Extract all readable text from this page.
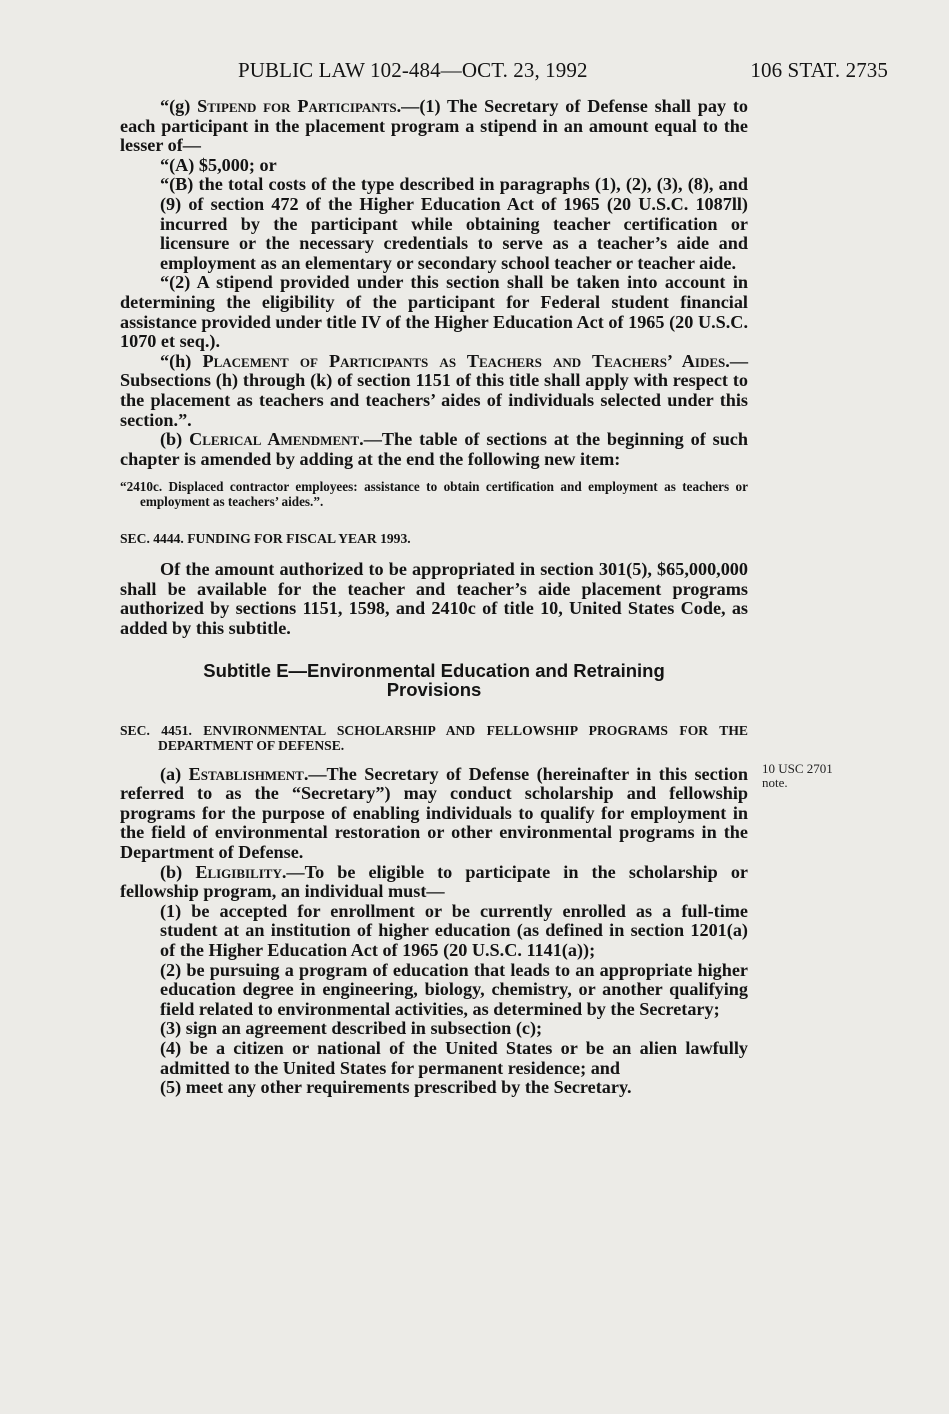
PUBLIC LAW 102-484—OCT. 23, 1992	106 STAT. 2735

“(g) Stipend for Participants.—(1) The Secretary of Defense shall pay to each participant in the placement program a stipend in an amount equal to the lesser of—

“(A) $5,000; or

“(B) the total costs of the type described in paragraphs (1), (2), (3), (8), and (9) of section 472 of the Higher Education Act of 1965 (20 U.S.C. 1087ll) incurred by the participant while obtaining teacher certification or licensure or the necessary credentials to serve as a teacher’s aide and employment as an elementary or secondary school teacher or teacher aide.

“(2) A stipend provided under this section shall be taken into account in determining the eligibility of the participant for Federal student financial assistance provided under title IV of the Higher Education Act of 1965 (20 U.S.C. 1070 et seq.).

“(h) Placement of Participants as Teachers and Teachers’ Aides.—Subsections (h) through (k) of section 1151 of this title shall apply with respect to the placement as teachers and teachers’ aides of individuals selected under this section.”.

(b) Clerical Amendment.—The table of sections at the beginning of such chapter is amended by adding at the end the following new item:

“2410c. Displaced contractor employees: assistance to obtain certification and employment as teachers or employment as teachers’ aides.”.

SEC. 4444. FUNDING FOR FISCAL YEAR 1993.

Of the amount authorized to be appropriated in section 301(5), $65,000,000 shall be available for the teacher and teacher’s aide placement programs authorized by sections 1151, 1598, and 2410c of title 10, United States Code, as added by this subtitle.

Subtitle E—Environmental Education and Retraining
Provisions

SEC. 4451. ENVIRONMENTAL SCHOLARSHIP AND FELLOWSHIP PROGRAMS FOR THE DEPARTMENT OF DEFENSE.

(a) Establishment.—The Secretary of Defense (hereinafter in this section referred to as the “Secretary”) may conduct scholarship and fellowship programs for the purpose of enabling individuals to qualify for employment in the field of environmental restoration or other environmental programs in the Department of Defense.

(b) Eligibility.—To be eligible to participate in the scholarship or fellowship program, an individual must—

(1) be accepted for enrollment or be currently enrolled as a full-time student at an institution of higher education (as defined in section 1201(a) of the Higher Education Act of 1965 (20 U.S.C. 1141(a));

(2) be pursuing a program of education that leads to an appropriate higher education degree in engineering, biology, chemistry, or another qualifying field related to environmental activities, as determined by the Secretary;

(3) sign an agreement described in subsection (c);

(4) be a citizen or national of the United States or be an alien lawfully admitted to the United States for permanent residence; and

(5) meet any other requirements prescribed by the Secretary.

10 USC 2701
note.
